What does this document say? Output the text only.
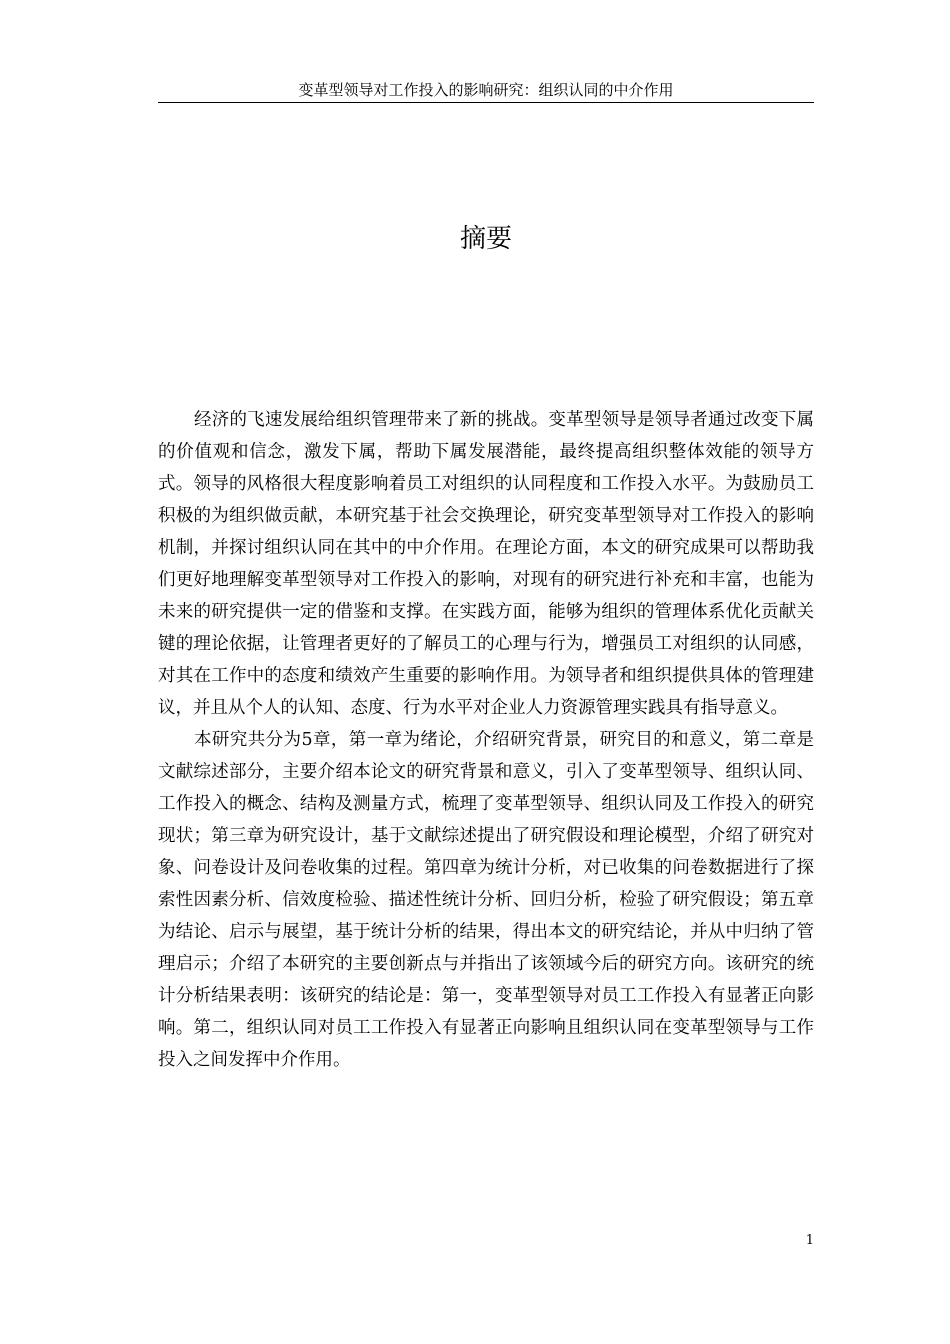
变革型领导对工作投入的影响研究：组织认同的中介作用
摘要

经济的飞速发展给组织管理带来了新的挑战。变革型领导是领导者通过改变下属的价值观和信念，激发下属，帮助下属发展潜能，最终提高组织整体效能的领导方式。领导的风格很大程度影响着员工对组织的认同程度和工作投入水平。为鼓励员工积极的为组织做贡献，本研究基于社会交换理论，研究变革型领导对工作投入的影响机制，并探讨组织认同在其中的中介作用。在理论方面，本文的研究成果可以帮助我们更好地理解变革型领导对工作投入的影响，对现有的研究进行补充和丰富，也能为未来的研究提供一定的借鉴和支撑。在实践方面，能够为组织的管理体系优化贡献关键的理论依据，让管理者更好的了解员工的心理与行为，增强员工对组织的认同感，对其在工作中的态度和绩效产生重要的影响作用。为领导者和组织提供具体的管理建议，并且从个人的认知、态度、行为水平对企业人力资源管理实践具有指导意义。

本研究共分为5章，第一章为绪论，介绍研究背景，研究目的和意义，第二章是文献综述部分，主要介绍本论文的研究背景和意义，引入了变革型领导、组织认同、工作投入的概念、结构及测量方式，梳理了变革型领导、组织认同及工作投入的研究现状；第三章为研究设计，基于文献综述提出了研究假设和理论模型，介绍了研究对象、问卷设计及问卷收集的过程。第四章为统计分析，对已收集的问卷数据进行了探索性因素分析、信效度检验、描述性统计分析、回归分析，检验了研究假设；第五章为结论、启示与展望，基于统计分析的结果，得出本文的研究结论，并从中归纳了管理启示；介绍了本研究的主要创新点与并指出了该领域今后的研究方向。该研究的统计分析结果表明：该研究的结论是：第一，变革型领导对员工工作投入有显著正向影响。第二，组织认同对员工工作投入有显著正向影响且组织认同在变革型领导与工作投入之间发挥中介作用。

1
